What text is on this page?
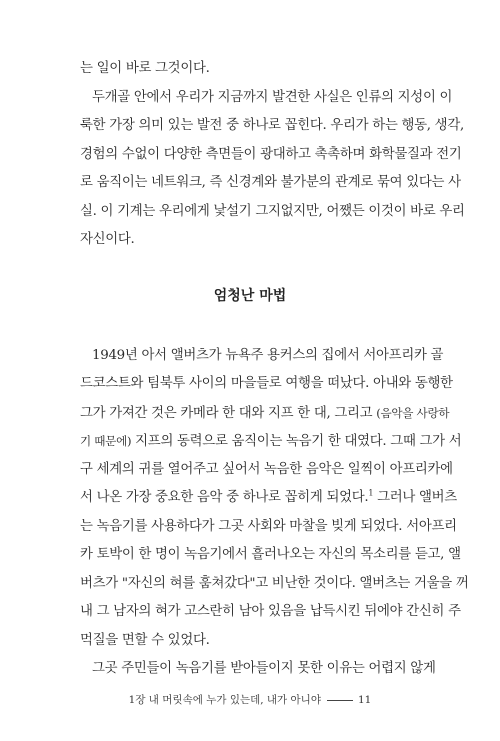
는 일이 바로 그것이다.
두개골 안에서 우리가 지금까지 발견한 사실은 인류의 지성이 이
룩한 가장 의미 있는 발전 중 하나로 꼽힌다. 우리가 하는 행동, 생각,
경험의 수없이 다양한 측면들이 광대하고 촉촉하며 화학물질과 전기
로 움직이는 네트워크, 즉 신경계와 불가분의 관계로 묶여 있다는 사
실. 이 기계는 우리에게 낯설기 그지없지만, 어쨌든 이것이 바로 우리
자신이다.
엄청난 마법
1949년 아서 앨버츠가 뉴욕주 용커스의 집에서 서아프리카 골
드코스트와 팀북투 사이의 마을들로 여행을 떠났다. 아내와 동행한
그가 가져간 것은 카메라 한 대와 지프 한 대, 그리고 (음악을 사랑하
기 때문에) 지프의 동력으로 움직이는 녹음기 한 대였다. 그때 그가 서
구 세계의 귀를 열어주고 싶어서 녹음한 음악은 일찍이 아프리카에
서 나온 가장 중요한 음악 중 하나로 꼽히게 되었다.$^1$ 그러나 앨버츠
는 녹음기를 사용하다가 그곳 사회와 마찰을 빚게 되었다. 서아프리
카 토박이 한 명이 녹음기에서 흘러나오는 자신의 목소리를 듣고, 앨
버츠가 "자신의 혀를 훔쳐갔다"고 비난한 것이다. 앨버츠는 거울을 꺼
내 그 남자의 혀가 고스란히 남아 있음을 납득시킨 뒤에야 간신히 주
먹질을 면할 수 있었다.
그곳 주민들이 녹음기를 받아들이지 못한 이유는 어렵지 않게
1장 내 머릿속에 누가 있는데, 내가 아니야	11
